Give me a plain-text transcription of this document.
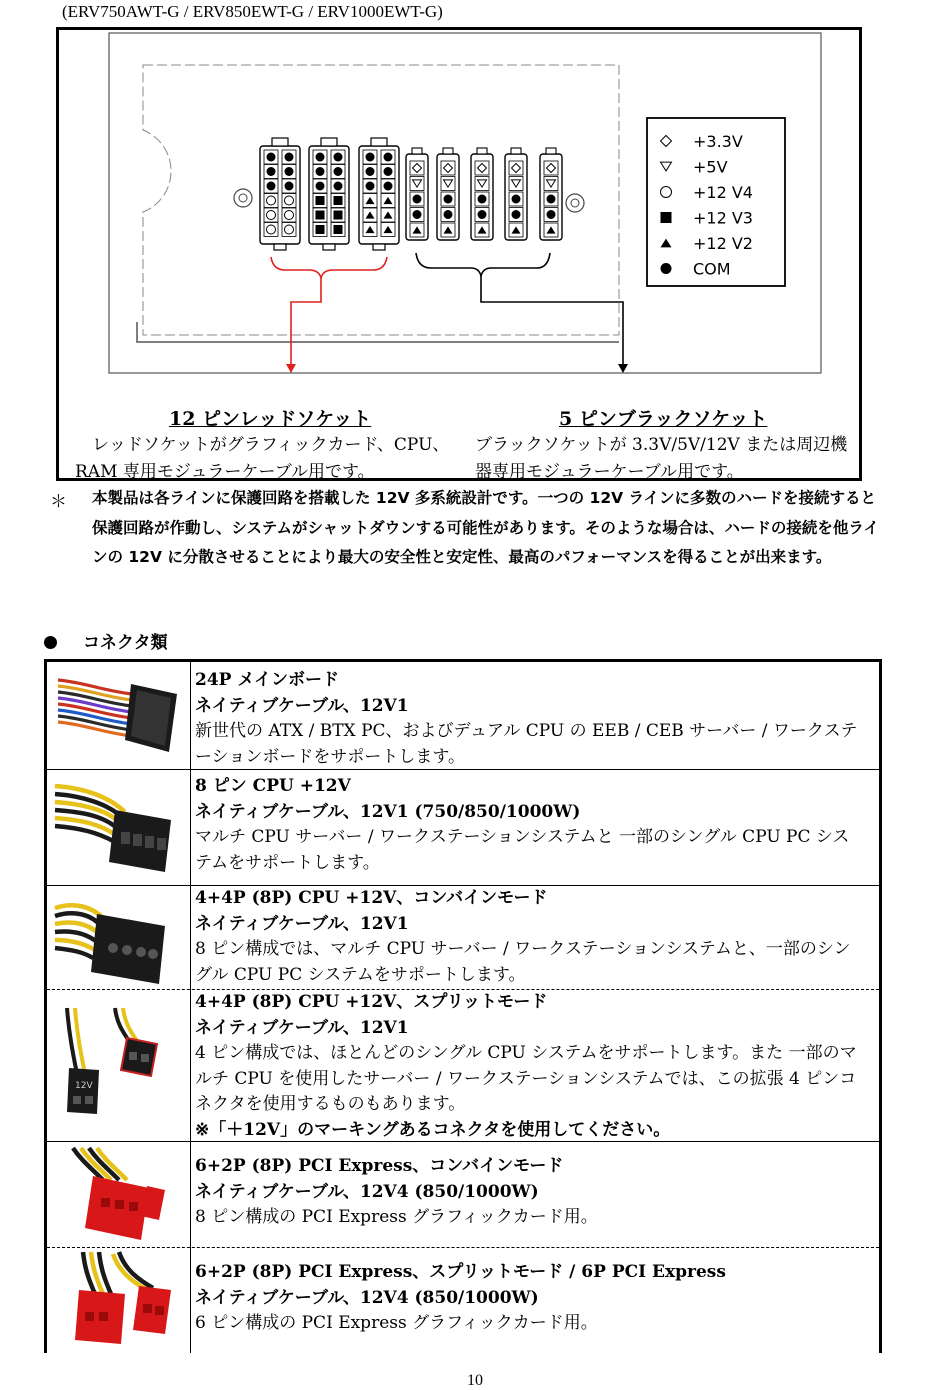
(ERV750AWT-G / ERV850EWT-G / ERV1000EWT-G)
+3.3V
+5V
+12 V4
+12 V3
+12 V2
COM
12 ピンレッドソケット
　レッドソケットがグラフィックカード、CPU、RAM 専用モジュラーケーブル用です。
5 ピンブラックソケット
ブラックソケットが 3.3V/5V/12V または周辺機器専用モジュラーケーブル用です。
＊ 本製品は各ラインに保護回路を搭載した 12V 多系統設計です。一つの 12V ラインに多数のハードを接続すると保護回路が作動し、システムがシャットダウンする可能性があります。そのような場合は、ハードの接続を他ラインの 12V に分散させることにより最大の安全性と安定性、最高のパフォーマンスを得ることが出来ます。
コネクタ類
24P メインボード
ネイティブケーブル、12V1
新世代の ATX / BTX PC、およびデュアル CPU の EEB / CEB サーバー / ワークステーションボードをサポートします。
8 ピン CPU +12V
ネイティブケーブル、12V1 (750/850/1000W)
マルチ CPU サーバー / ワークステーションシステムと 一部のシングル CPU PC システムをサポートします。
4+4P (8P) CPU +12V、コンバインモード
ネイティブケーブル、12V1
8 ピン構成では、マルチ CPU サーバー / ワークステーションシステムと、一部のシングル CPU PC システムをサポートします。
12V
4+4P (8P) CPU +12V、スプリットモード
ネイティブケーブル、12V1
4 ピン構成では、ほとんどのシングル CPU システムをサポートします。また 一部のマルチ CPU を使用したサーバー / ワークステーションシステムでは、この拡張 4 ピンコネクタを使用するものもあります。
※「＋12V」のマーキングあるコネクタを使用してください。
6+2P (8P) PCI Express、コンバインモード
ネイティブケーブル、12V4 (850/1000W)
8 ピン構成の PCI Express グラフィックカード用。
6+2P (8P) PCI Express、スプリットモード / 6P PCI Express
ネイティブケーブル、12V4 (850/1000W)
6 ピン構成の PCI Express グラフィックカード用。
10
